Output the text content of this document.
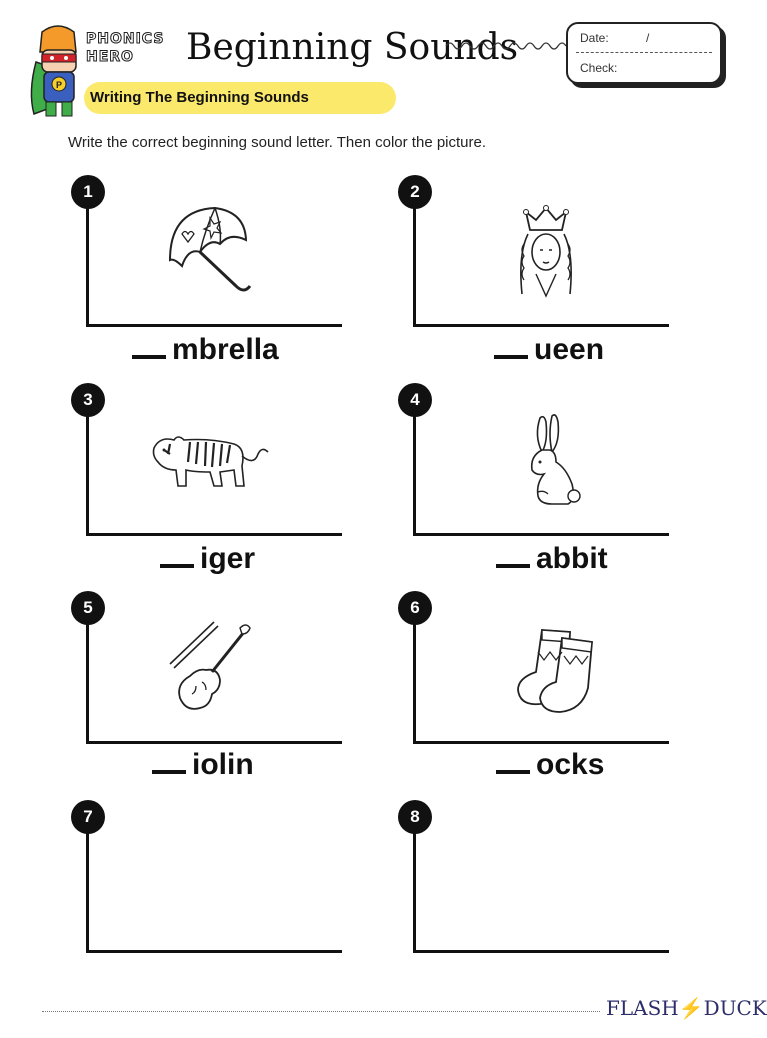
P
PHONICS
HERO Beginning Sounds	Date:	/
Check:
Writing The Beginning Sounds
Write the correct beginning sound letter. Then color the picture.
1
mbrella
2
ueen
3
iger
4
abbit
5
iolin
6
ocks
7	8
FLASH⚡DUCK
